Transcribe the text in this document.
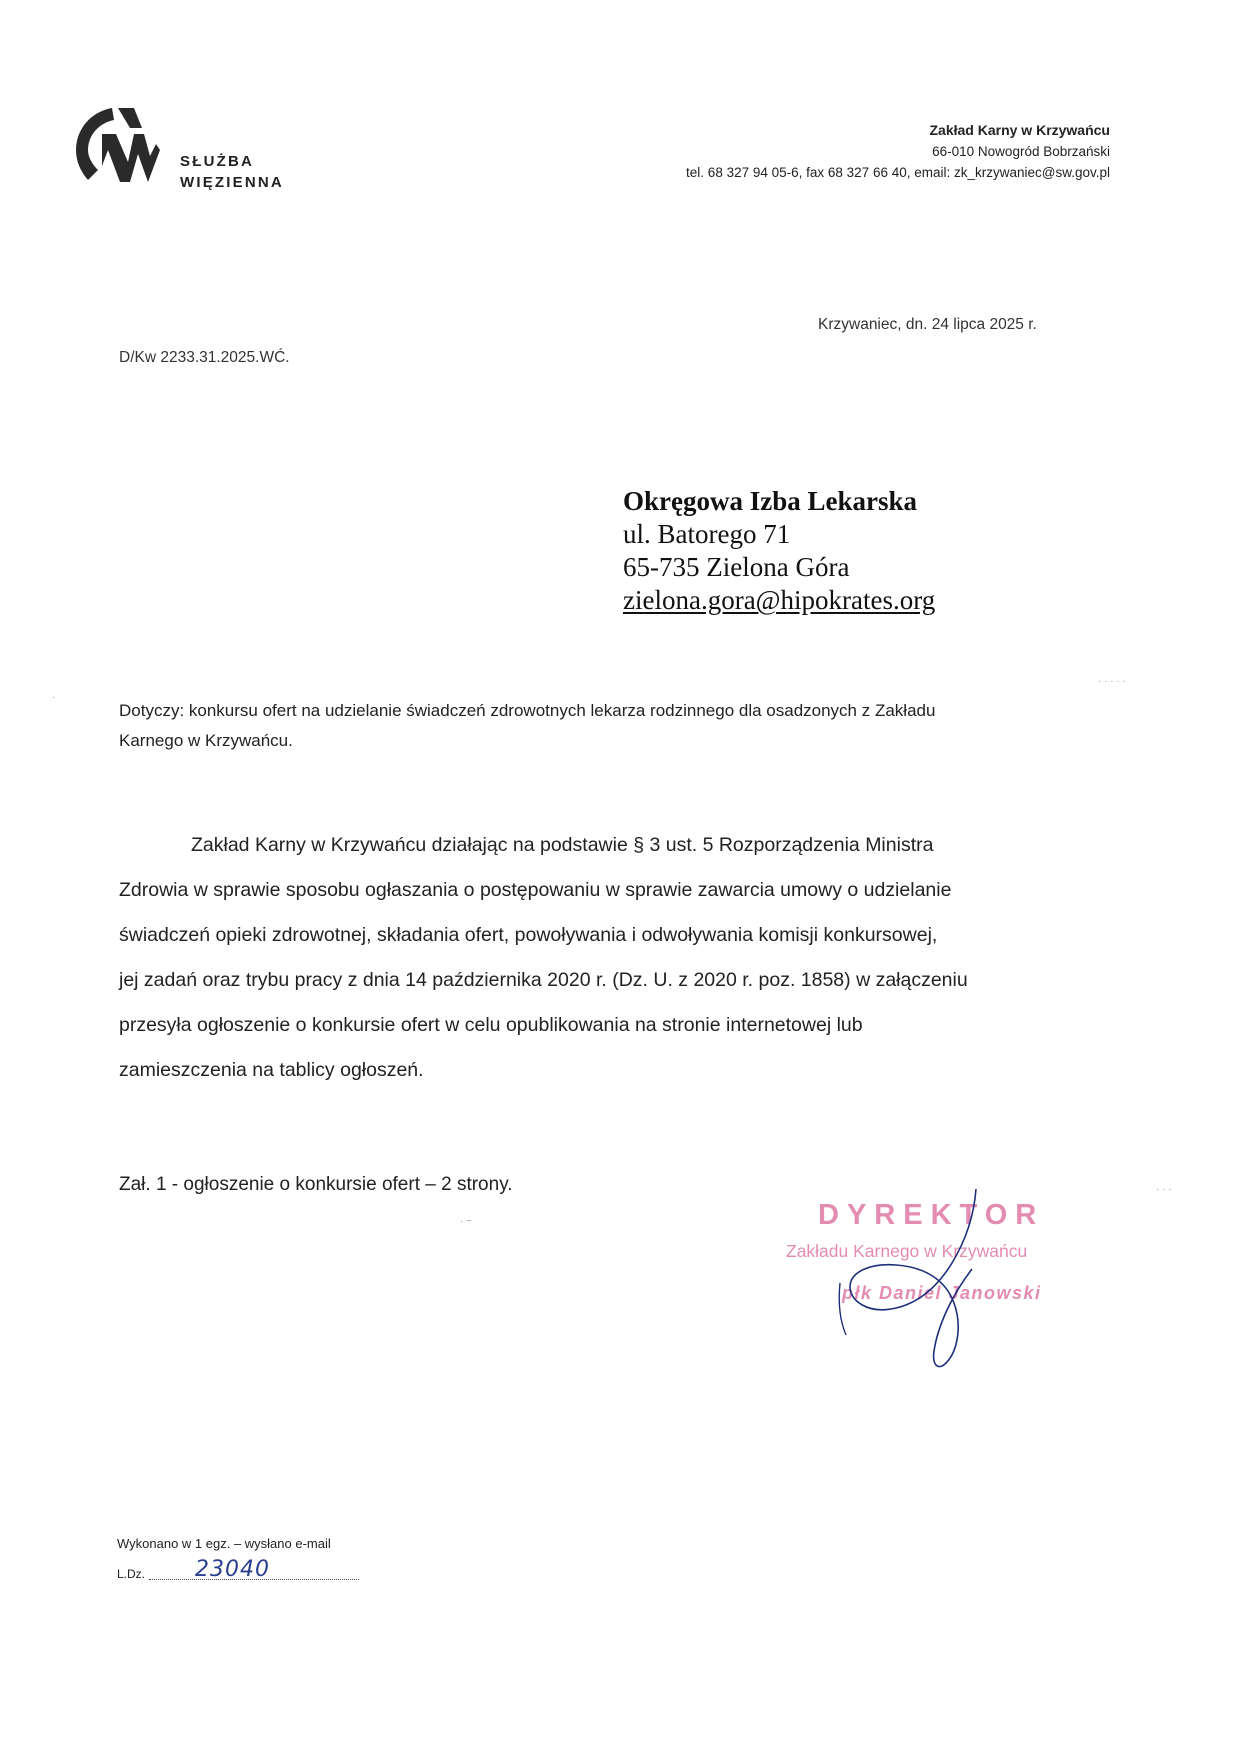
SŁUŻBA
WIĘZIENNA
Zakład Karny w Krzywańcu
66-010 Nowogród Bobrzański
tel. 68 327 94 05-6, fax 68 327 66 40, email: zk_krzywaniec@sw.gov.pl
Krzywaniec, dn. 24 lipca 2025 r.
D/Kw 2233.31.2025.WĆ.
Okręgowa Izba Lekarska
ul. Batorego 71
65-735 Zielona Góra
zielona.gora@hipokrates.org
Dotyczy: konkursu ofert na udzielanie świadczeń zdrowotnych lekarza rodzinnego dla osadzonych z Zakładu
Karnego w Krzywańcu.
Zakład Karny w Krzywańcu działając na podstawie § 3 ust. 5 Rozporządzenia Ministra
Zdrowia w sprawie sposobu ogłaszania o postępowaniu w sprawie zawarcia umowy o udzielanie
świadczeń opieki zdrowotnej, składania ofert, powoływania i odwoływania komisji konkursowej,
jej zadań oraz trybu pracy z dnia 14 października 2020 r. (Dz. U. z 2020 r. poz. 1858) w załączeniu
przesyła ogłoszenie o konkursie ofert w celu opublikowania na stronie internetowej lub
zamieszczenia na tablicy ogłoszeń.
Zał. 1 - ogłoszenie o konkursie ofert – 2 strony.
DYREKTOR
Zakładu Karnego w Krzywańcu
płk Daniel Janowski
Wykonano w 1 egz. – wysłano e-mail
L.Dz. 23040
·
· · · · ·
· · ·
· ~
